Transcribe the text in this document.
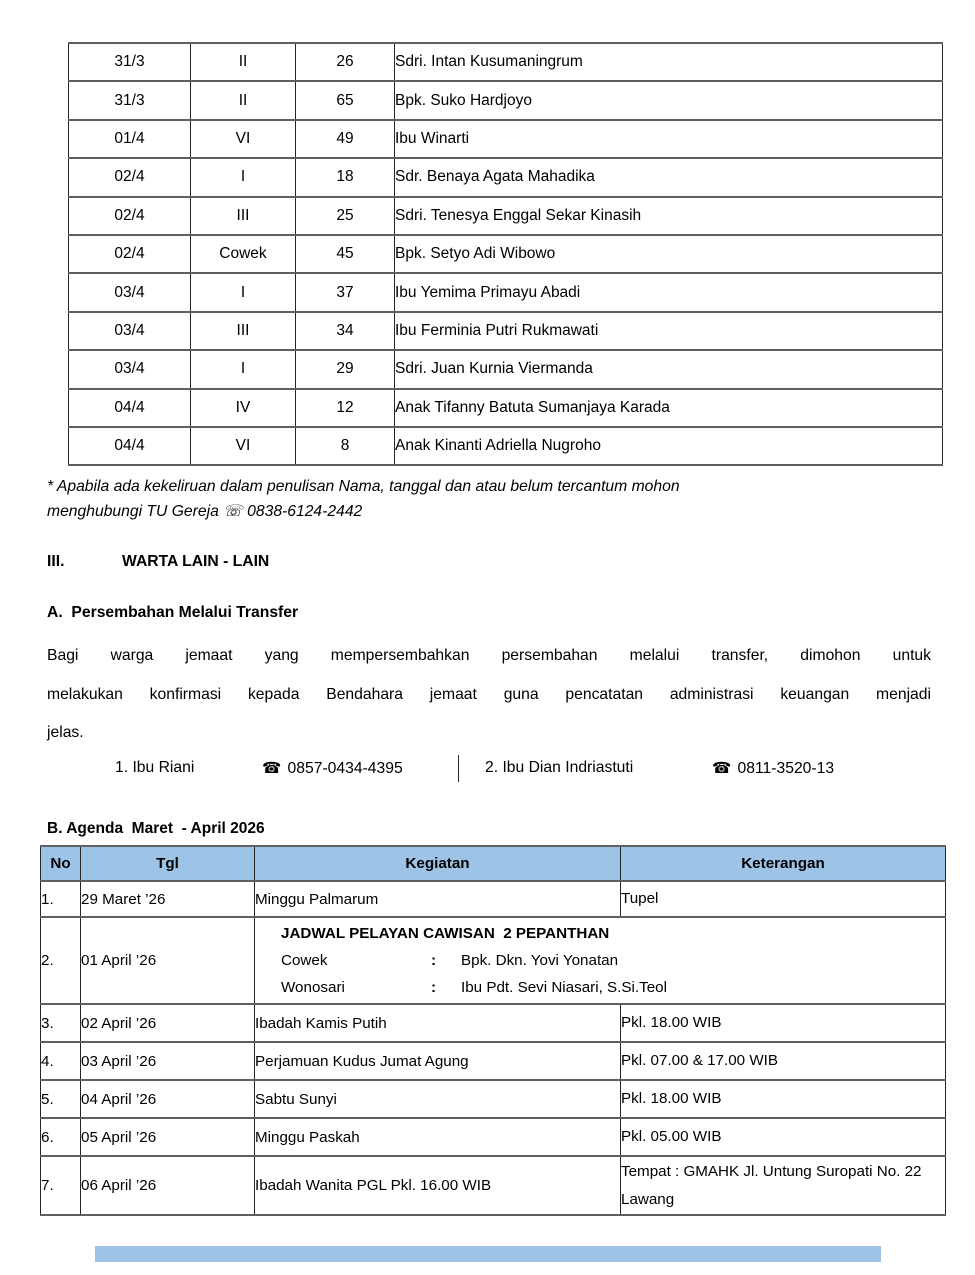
31/3	II	26	Sdri. Intan Kusumaningrum
31/3	II	65	Bpk. Suko Hardjoyo
01/4	VI	49	Ibu Winarti
02/4	I	18	Sdr. Benaya Agata Mahadika
02/4	III	25	Sdri. Tenesya Enggal Sekar Kinasih
02/4	Cowek	45	Bpk. Setyo Adi Wibowo
03/4	I	37	Ibu Yemima Primayu Abadi
03/4	III	34	Ibu Ferminia Putri Rukmawati
03/4	I	29	Sdri. Juan Kurnia Viermanda
04/4	IV	12	Anak Tifanny Batuta Sumanjaya Karada
04/4	VI	8	Anak Kinanti Adriella Nugroho
* Apabila ada kekeliruan dalam penulisan Nama, tanggal dan atau belum tercantum mohon
menghubungi TU Gereja ☏ 0838-6124-2442
III.	WARTA LAIN - LAIN
A.  Persembahan Melalui Transfer
Bagi warga jemaat yang mempersembahkan persembahan melalui transfer, dimohon untuk
melakukan konfirmasi kepada Bendahara jemaat guna pencatatan administrasi keuangan menjadi
jelas.
1. Ibu Riani	☎ 0857-0434-4395	2. Ibu Dian Indriastuti	☎ 0811-3520-13
B. Agenda  Maret  - April 2026
No	Tgl	Kegiatan	Keterangan
1.	29 Maret ’26	Minggu Palmarum	Tupel
2.	01 April ’26	
JADWAL PELAYAN CAWISAN  2 PEPANTHAN
Cowek	:	Bpk. Dkn. Yovi Yonatan
Wonosari	:	Ibu Pdt. Sevi Niasari, S.Si.Teol

3.	02 April ’26	Ibadah Kamis Putih	Pkl. 18.00 WIB
4.	03 April ’26	Perjamuan Kudus Jumat Agung	Pkl. 07.00 & 17.00 WIB
5.	04 April ’26	Sabtu Sunyi	Pkl. 18.00 WIB
6.	05 April ’26	Minggu Paskah	Pkl. 05.00 WIB
7.	06 April ’26	Ibadah Wanita PGL Pkl. 16.00 WIB	Tempat : GMAHK Jl. Untung Suropati No. 22 Lawang
